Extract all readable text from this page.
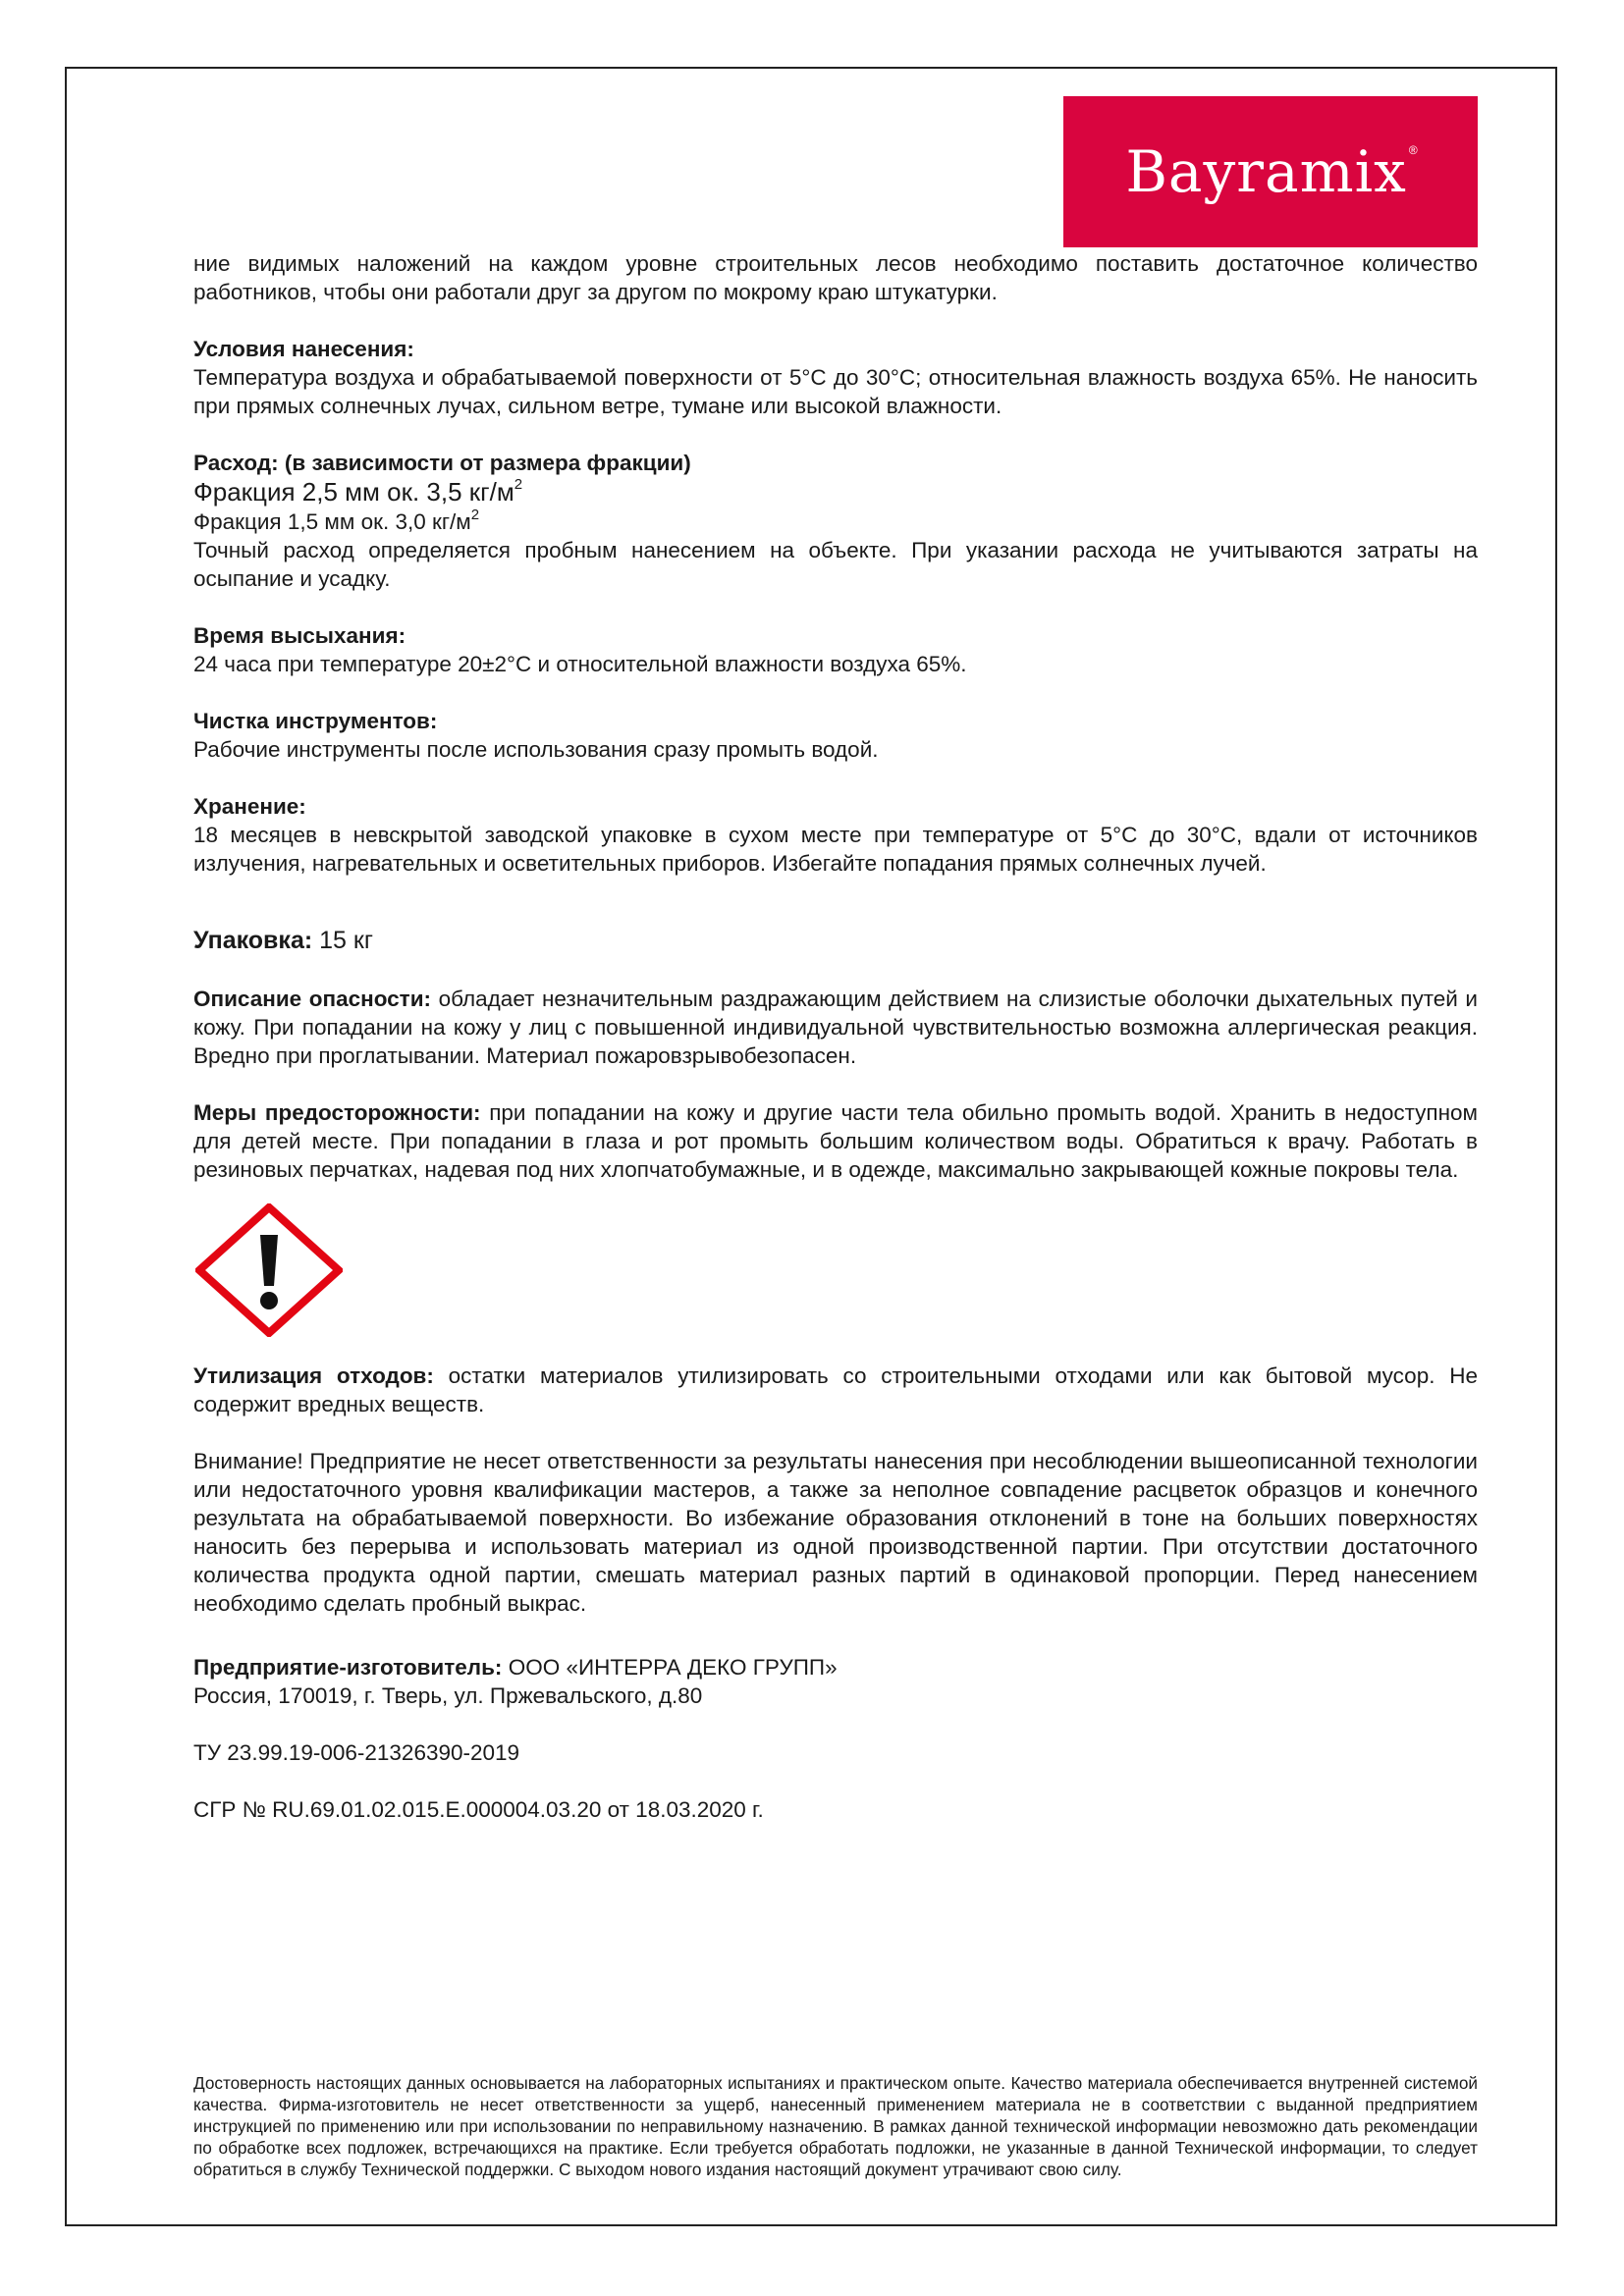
Bayramix ®

ние видимых наложений на каждом уровне строительных лесов необходимо поставить достаточное количество работников, чтобы они работали друг за другом по мокрому краю штукатурки.

Условия нанесения:

Температура воздуха и обрабатываемой поверхности от 5°C до 30°C; относительная влажность воздуха 65%. Не наносить при прямых солнечных лучах, сильном ветре, тумане или высокой влажности.

Расход: (в зависимости от размера фракции)

Фракция 2,5 мм ок. 3,5 $кг/м^2$

Фракция 1,5 мм ок. 3,0 $кг/м^2$

Точный расход определяется пробным нанесением на объекте. При указании расхода не учитываются затраты на осыпание и усадку.

Время высыхания:

24 часа при температуре 20±2°C и относительной влажности воздуха 65%.

Чистка инструментов:

Рабочие инструменты после использования сразу промыть водой.

Хранение:

18 месяцев в невскрытой заводской упаковке в сухом месте при температуре от 5°C до 30°C, вдали от источников излучения, нагревательных и осветительных приборов. Избегайте попадания прямых солнечных лучей.

Упаковка: 15 кг

Описание опасности: обладает незначительным раздражающим действием на слизистые оболочки дыхательных путей и кожу. При попадании на кожу у лиц с повышенной индивидуальной чувствительностью возможна аллергическая реакция. Вредно при проглатывании. Материал пожаровзрывобезопасен.

Меры предосторожности: при попадании на кожу и другие части тела обильно промыть водой. Хранить в недоступном для детей месте. При попадании в глаза и рот промыть большим количеством воды. Обратиться к врачу. Работать в резиновых перчатках, надевая под них хлопчатобумажные, и в одежде, максимально закрывающей кожные покровы тела.

Утилизация отходов: остатки материалов утилизировать со строительными отходами или как бытовой мусор. Не содержит вредных веществ.

Внимание! Предприятие не несет ответственности за результаты нанесения при несоблюдении вышеописанной технологии или недостаточного уровня квалификации мастеров, а также за неполное совпадение расцветок образцов и конечного результата на обрабатываемой поверхности. Во избежание образования отклонений в тоне на больших поверхностях наносить без перерыва и использовать материал из одной производственной партии. При отсутствии достаточного количества продукта одной партии, смешать материал разных партий в одинаковой пропорции. Перед нанесением необходимо сделать пробный выкрас.

Предприятие-изготовитель: ООО «ИНТЕРРА ДЕКО ГРУПП»

Россия, 170019, г. Тверь, ул. Пржевальского, д.80

ТУ 23.99.19-006-21326390-2019

СГР № RU.69.01.02.015.Е.000004.03.20 от 18.03.2020 г.

Достоверность настоящих данных основывается на лабораторных испытаниях и практическом опыте. Качество материала обеспечивается внутренней системой качества. Фирма-изготовитель не несет ответственности за ущерб, нанесенный применением материала не в соответствии с выданной предприятием инструкцией по применению или при использовании по неправильному назначению. В рамках данной технической информации невозможно дать рекомендации по обработке всех подложек, встречающихся на практике. Если требуется обработать подложки, не указанные в данной Технической информации, то следует обратиться в службу Технической поддержки. С выходом нового издания настоящий документ утрачивают свою силу.
